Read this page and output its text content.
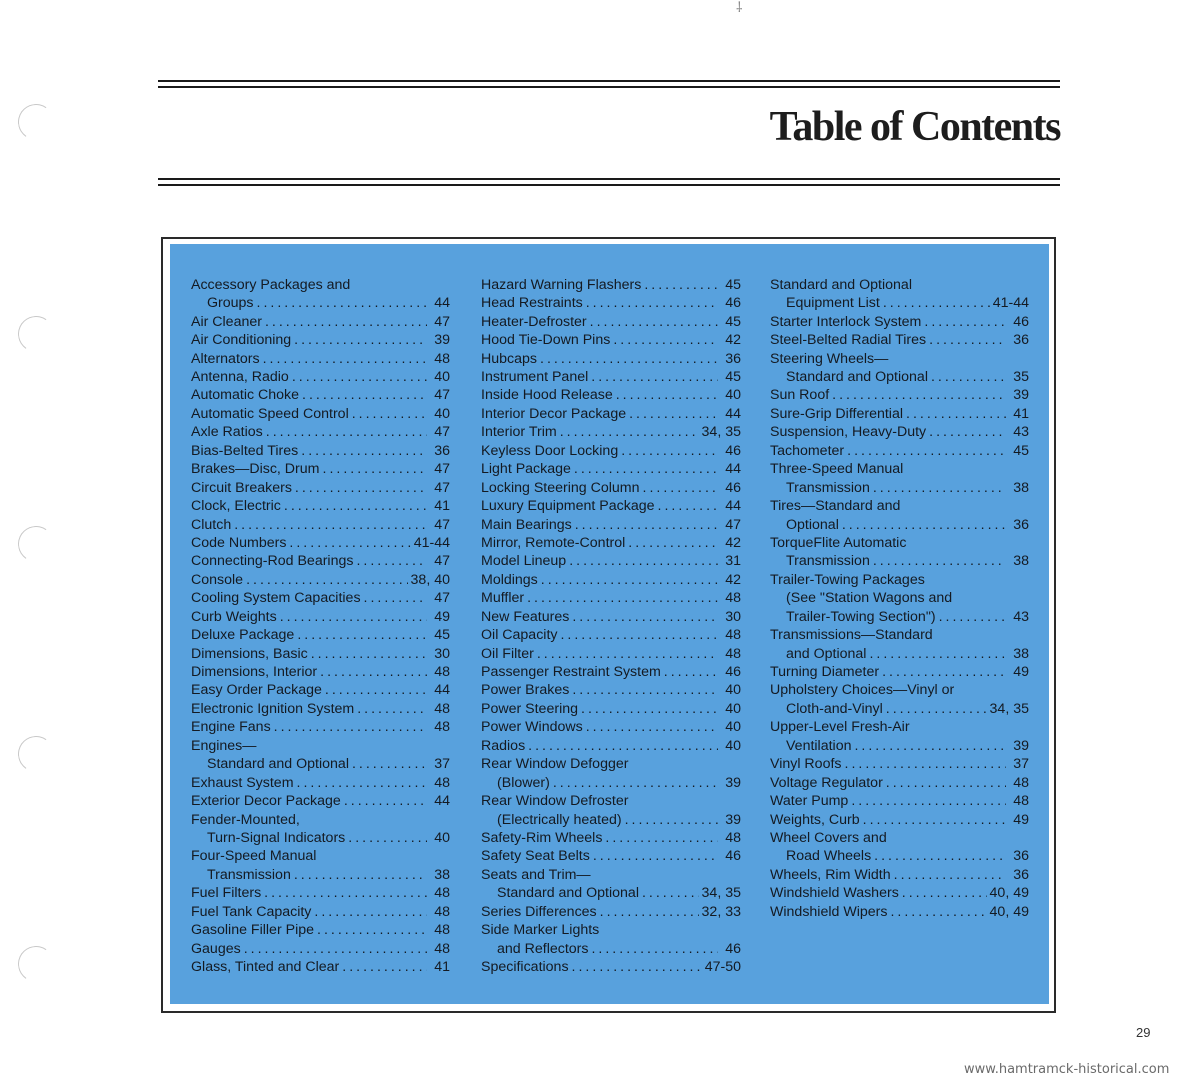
⸸
Table of Contents
Accessory Packages and
Groups .....	44
Air Cleaner .....	47
Air Conditioning .....	39
Alternators .....	48
Antenna, Radio .....	40
Automatic Choke .....	47
Automatic Speed Control .....	40
Axle Ratios .....	47
Bias-Belted Tires .....	36
Brakes—Disc, Drum .....	47
Circuit Breakers .....	47
Clock, Electric .....	41
Clutch .....	47
Code Numbers .....	41-44
Connecting-Rod Bearings .....	47
Console .....	38, 40
Cooling System Capacities .....	47
Curb Weights .....	49
Deluxe Package .....	45
Dimensions, Basic .....	30
Dimensions, Interior .....	48
Easy Order Package .....	44
Electronic Ignition System .....	48
Engine Fans .....	48
Engines—
Standard and Optional .....	37
Exhaust System .....	48
Exterior Decor Package .....	44
Fender-Mounted,
Turn-Signal Indicators .....	40
Four-Speed Manual
Transmission .....	38
Fuel Filters .....	48
Fuel Tank Capacity .....	48
Gasoline Filler Pipe .....	48
Gauges .....	48
Glass, Tinted and Clear .....	41
Hazard Warning Flashers .....	45
Head Restraints .....	46
Heater-Defroster .....	45
Hood Tie-Down Pins .....	42
Hubcaps .....	36
Instrument Panel .....	45
Inside Hood Release .....	40
Interior Decor Package .....	44
Interior Trim .....	34, 35
Keyless Door Locking .....	46
Light Package .....	44
Locking Steering Column .....	46
Luxury Equipment Package .....	44
Main Bearings .....	47
Mirror, Remote-Control .....	42
Model Lineup .....	31
Moldings .....	42
Muffler .....	48
New Features .....	30
Oil Capacity .....	48
Oil Filter .....	48
Passenger Restraint System .....	46
Power Brakes .....	40
Power Steering .....	40
Power Windows .....	40
Radios .....	40
Rear Window Defogger
(Blower) .....	39
Rear Window Defroster
(Electrically heated) .....	39
Safety-Rim Wheels .....	48
Safety Seat Belts .....	46
Seats and Trim—
Standard and Optional .....	34, 35
Series Differences .....	32, 33
Side Marker Lights
and Reflectors .....	46
Specifications .....	47-50
Standard and Optional
Equipment List .....	41-44
Starter Interlock System .....	46
Steel-Belted Radial Tires .....	36
Steering Wheels—
Standard and Optional .....	35
Sun Roof .....	39
Sure-Grip Differential .....	41
Suspension, Heavy-Duty .....	43
Tachometer .....	45
Three-Speed Manual
Transmission .....	38
Tires—Standard and
Optional .....	36
TorqueFlite Automatic
Transmission .....	38
Trailer-Towing Packages
(See "Station Wagons and
Trailer-Towing Section") .....	43
Transmissions—Standard
and Optional .....	38
Turning Diameter .....	49
Upholstery Choices—Vinyl or
Cloth-and-Vinyl .....	34, 35
Upper-Level Fresh-Air
Ventilation .....	39
Vinyl Roofs .....	37
Voltage Regulator .....	48
Water Pump .....	48
Weights, Curb .....	49
Wheel Covers and
Road Wheels .....	36
Wheels, Rim Width .....	36
Windshield Washers .....	40, 49
Windshield Wipers .....	40, 49
29
www.hamtramck-historical.com
